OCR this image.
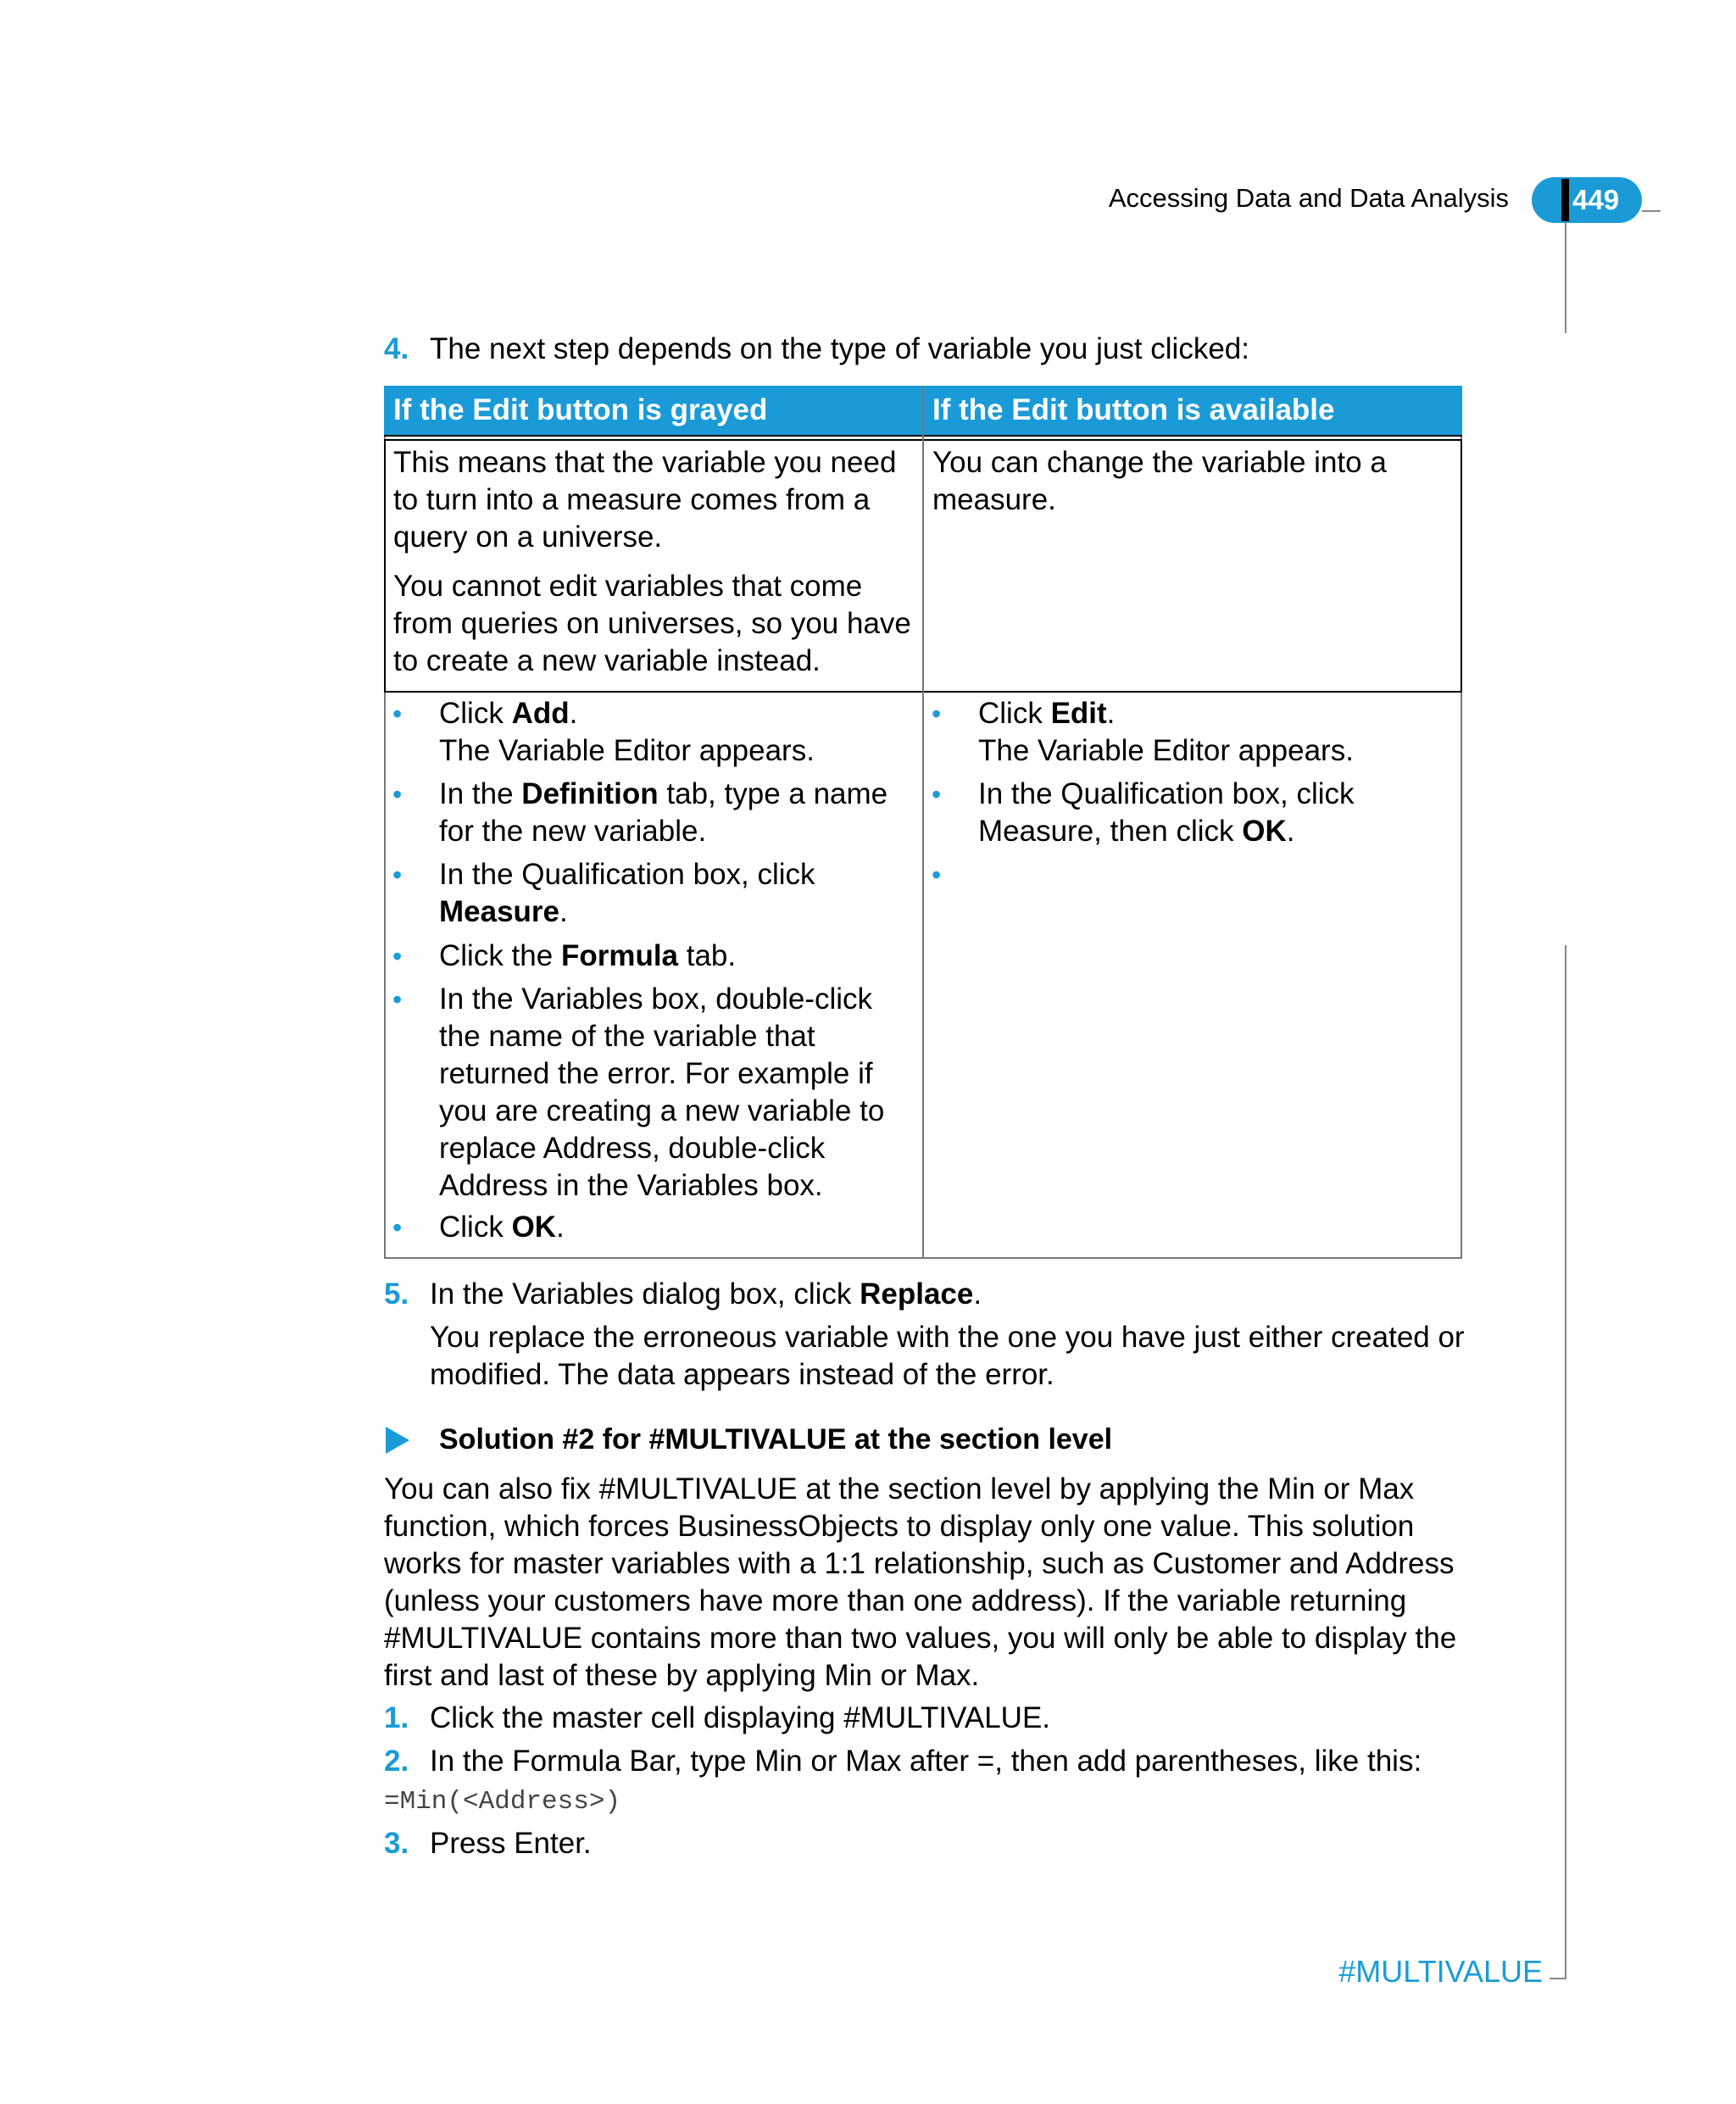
Accessing Data and Data Analysis 449
4. The next step depends on the type of variable you just clicked:
If the Edit button is grayed	If the Edit button is available
This means that the variable you need to turn into a measure comes from a query on a universe.
You cannot edit variables that come from queries on universes, so you have to create a new variable instead.
You can change the variable into a measure.
• Click Add.
The Variable Editor appears.
• In the Definition tab, type a name for the new variable.
• In the Qualification box, click Measure.
• Click the Formula tab.
• In the Variables box, double-click the name of the variable that returned the error. For example if you are creating a new variable to replace Address, double-click Address in the Variables box.
• Click OK.
• Click Edit.
The Variable Editor appears.
• In the Qualification box, click Measure, then click OK.
•
5. In the Variables dialog box, click Replace.
You replace the erroneous variable with the one you have just either created or modified. The data appears instead of the error.
Solution #2 for #MULTIVALUE at the section level
You can also fix #MULTIVALUE at the section level by applying the Min or Max function, which forces BusinessObjects to display only one value. This solution works for master variables with a 1:1 relationship, such as Customer and Address (unless your customers have more than one address). If the variable returning #MULTIVALUE contains more than two values, you will only be able to display the first and last of these by applying Min or Max.
1. Click the master cell displaying #MULTIVALUE.
2. In the Formula Bar, type Min or Max after =, then add parentheses, like this:
=Min(<Address>)
3. Press Enter.
#MULTIVALUE
